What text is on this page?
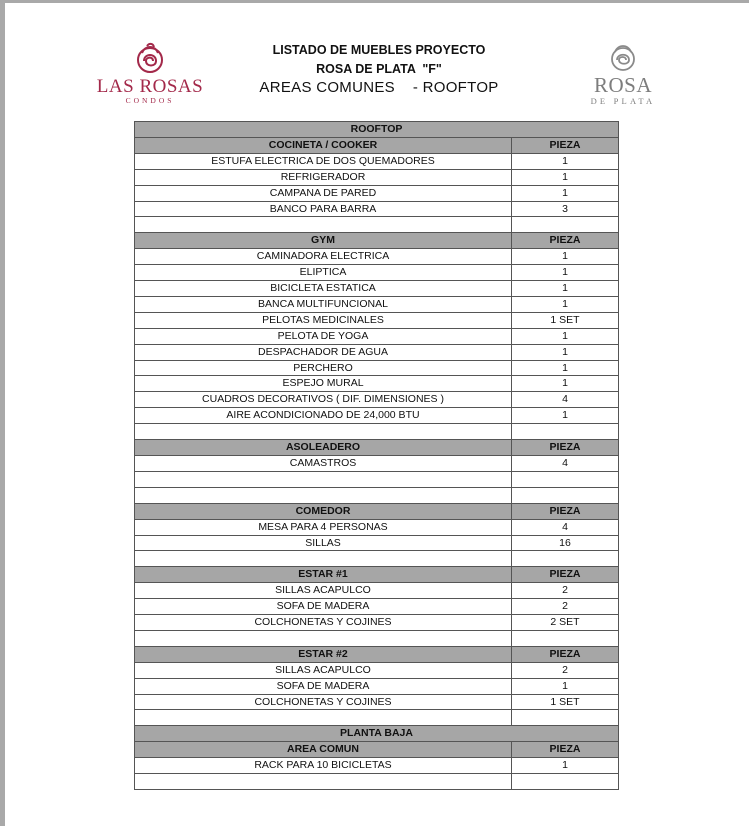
LAS ROSAS
CONDOS
LISTADO DE MUEBLES PROYECTO
ROSA DE PLATA  "F"
AREAS COMUNES    - ROOFTOP	ROSA
DE PLATA
ROOFTOP	
COCINETA / COOKER	PIEZA
ESTUFA ELECTRICA DE DOS QUEMADORES	1
REFRIGERADOR	1
CAMPANA DE PARED	1
BANCO PARA BARRA	3

GYM	PIEZA
CAMINADORA ELECTRICA	1
ELIPTICA	1
BICICLETA ESTATICA	1
BANCA MULTIFUNCIONAL	1
PELOTAS MEDICINALES	1 SET
PELOTA DE YOGA	1
DESPACHADOR DE AGUA	1
PERCHERO	1
ESPEJO MURAL	1
CUADROS DECORATIVOS ( DIF. DIMENSIONES )	4
AIRE ACONDICIONADO DE 24,000 BTU	1

ASOLEADERO	PIEZA
CAMASTROS	4

COMEDOR	PIEZA
MESA PARA 4 PERSONAS	4
SILLAS	16

ESTAR #1	PIEZA
SILLAS ACAPULCO	2
SOFA DE MADERA	2
COLCHONETAS Y COJINES	2 SET

ESTAR #2	PIEZA
SILLAS ACAPULCO	2
SOFA DE MADERA	1
COLCHONETAS Y COJINES	1 SET

PLANTA BAJA	
AREA COMUN	PIEZA
RACK PARA 10 BICICLETAS	1
